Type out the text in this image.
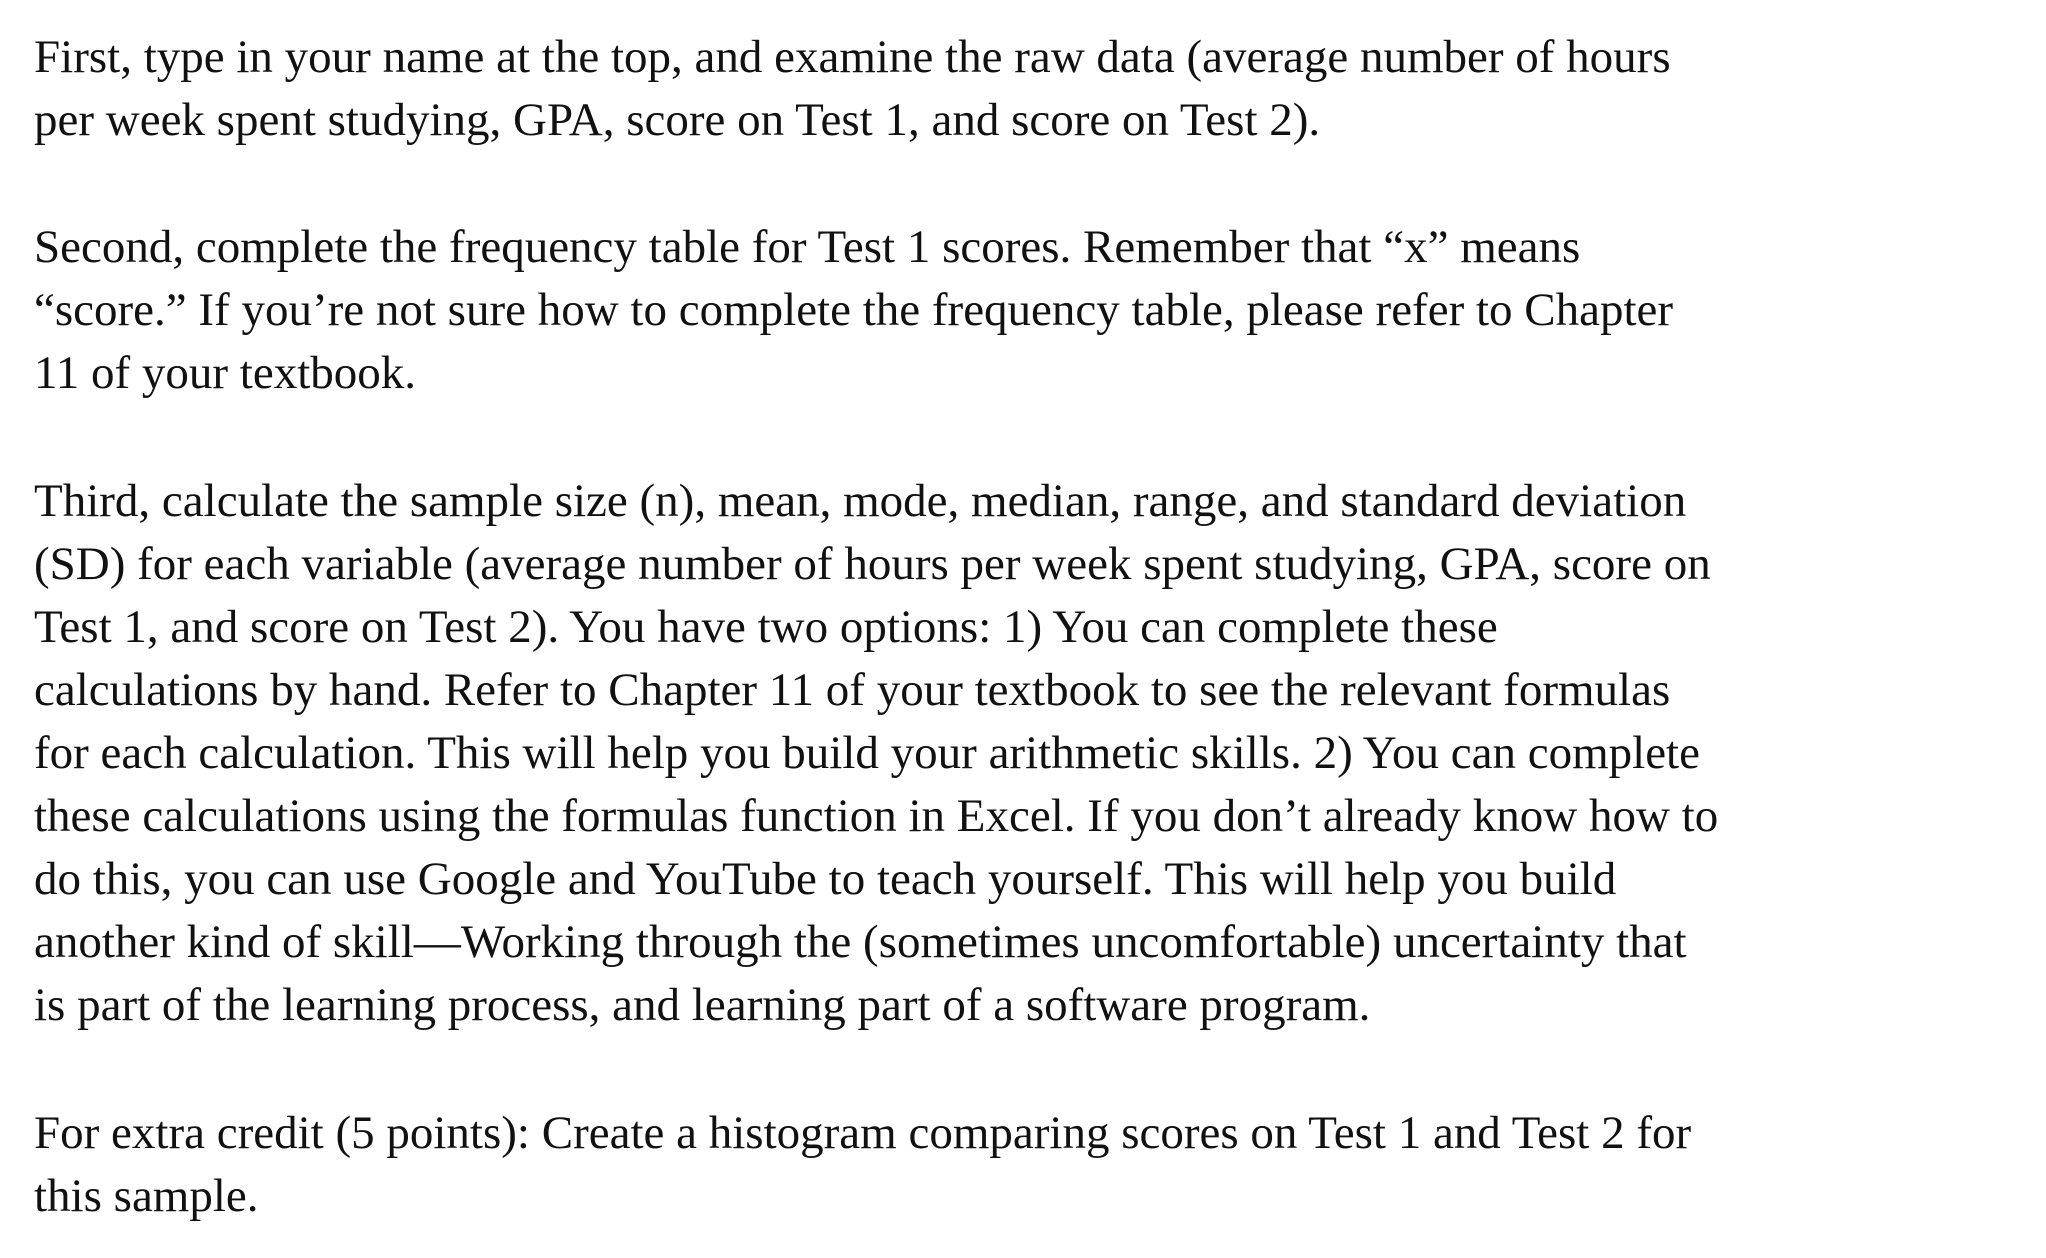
First, type in your name at the top, and examine the raw data (average number of hours
per week spent studying, GPA, score on Test 1, and score on Test 2).

Second, complete the frequency table for Test 1 scores. Remember that “x” means
“score.” If you’re not sure how to complete the frequency table, please refer to Chapter
11 of your textbook.

Third, calculate the sample size (n), mean, mode, median, range, and standard deviation
(SD) for each variable (average number of hours per week spent studying, GPA, score on
Test 1, and score on Test 2). You have two options: 1) You can complete these
calculations by hand. Refer to Chapter 11 of your textbook to see the relevant formulas
for each calculation. This will help you build your arithmetic skills. 2) You can complete
these calculations using the formulas function in Excel. If you don’t already know how to
do this, you can use Google and YouTube to teach yourself. This will help you build
another kind of skill—Working through the (sometimes uncomfortable) uncertainty that
is part of the learning process, and learning part of a software program.

For extra credit (5 points): Create a histogram comparing scores on Test 1 and Test 2 for
this sample.
